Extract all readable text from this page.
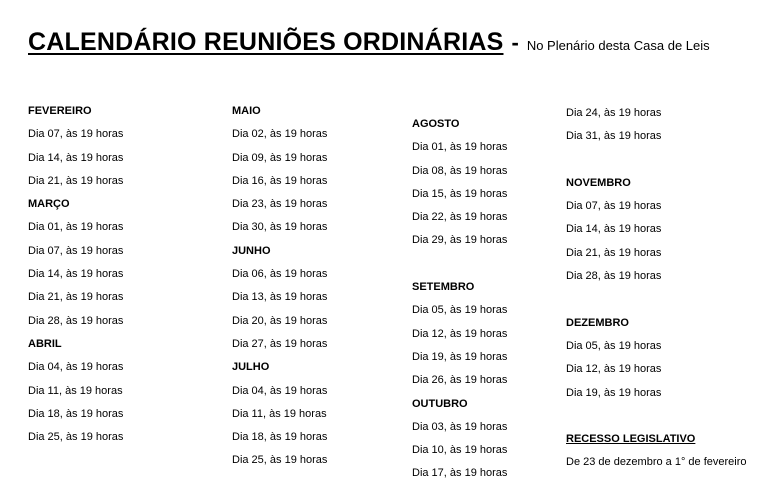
CALENDÁRIO REUNIÕES ORDINÁRIAS - No Plenário desta Casa de Leis
FEVEREIRO
Dia 07, às 19 horas
Dia 14, às 19 horas
Dia 21, às 19 horas
MARÇO
Dia 01, às 19 horas
Dia 07, às 19 horas
Dia 14, às 19 horas
Dia 21, às 19 horas
Dia 28, às 19 horas
ABRIL
Dia 04, às 19 horas
Dia 11, às 19 horas
Dia 18, às 19 horas
Dia 25, às 19 horas
MAIO
Dia 02, às 19 horas
Dia 09, às 19 horas
Dia 16, às 19 horas
Dia 23, às 19 horas
Dia 30, às 19 horas
JUNHO
Dia 06, às 19 horas
Dia 13, às 19 horas
Dia 20, às 19 horas
Dia 27, às 19 horas
JULHO
Dia 04, às 19 horas
Dia 11, às 19 horas
Dia 18, às 19 horas
Dia 25, às 19 horas
AGOSTO
Dia 01, às 19 horas
Dia 08, às 19 horas
Dia 15, às 19 horas
Dia 22, às 19 horas
Dia 29, às 19 horas
SETEMBRO
Dia 05, às 19 horas
Dia 12, às 19 horas
Dia 19, às 19 horas
Dia 26, às 19 horas
OUTUBRO
Dia 03, às 19 horas
Dia 10, às 19 horas
Dia 17, às 19 horas
Dia 24, às 19 horas
Dia 31, às 19 horas
NOVEMBRO
Dia 07, às 19 horas
Dia 14, às 19 horas
Dia 21, às 19 horas
Dia 28, às 19 horas
DEZEMBRO
Dia 05, às 19 horas
Dia 12, às 19 horas
Dia 19, às 19 horas
RECESSO LEGISLATIVO
De 23 de dezembro a 1° de fevereiro
